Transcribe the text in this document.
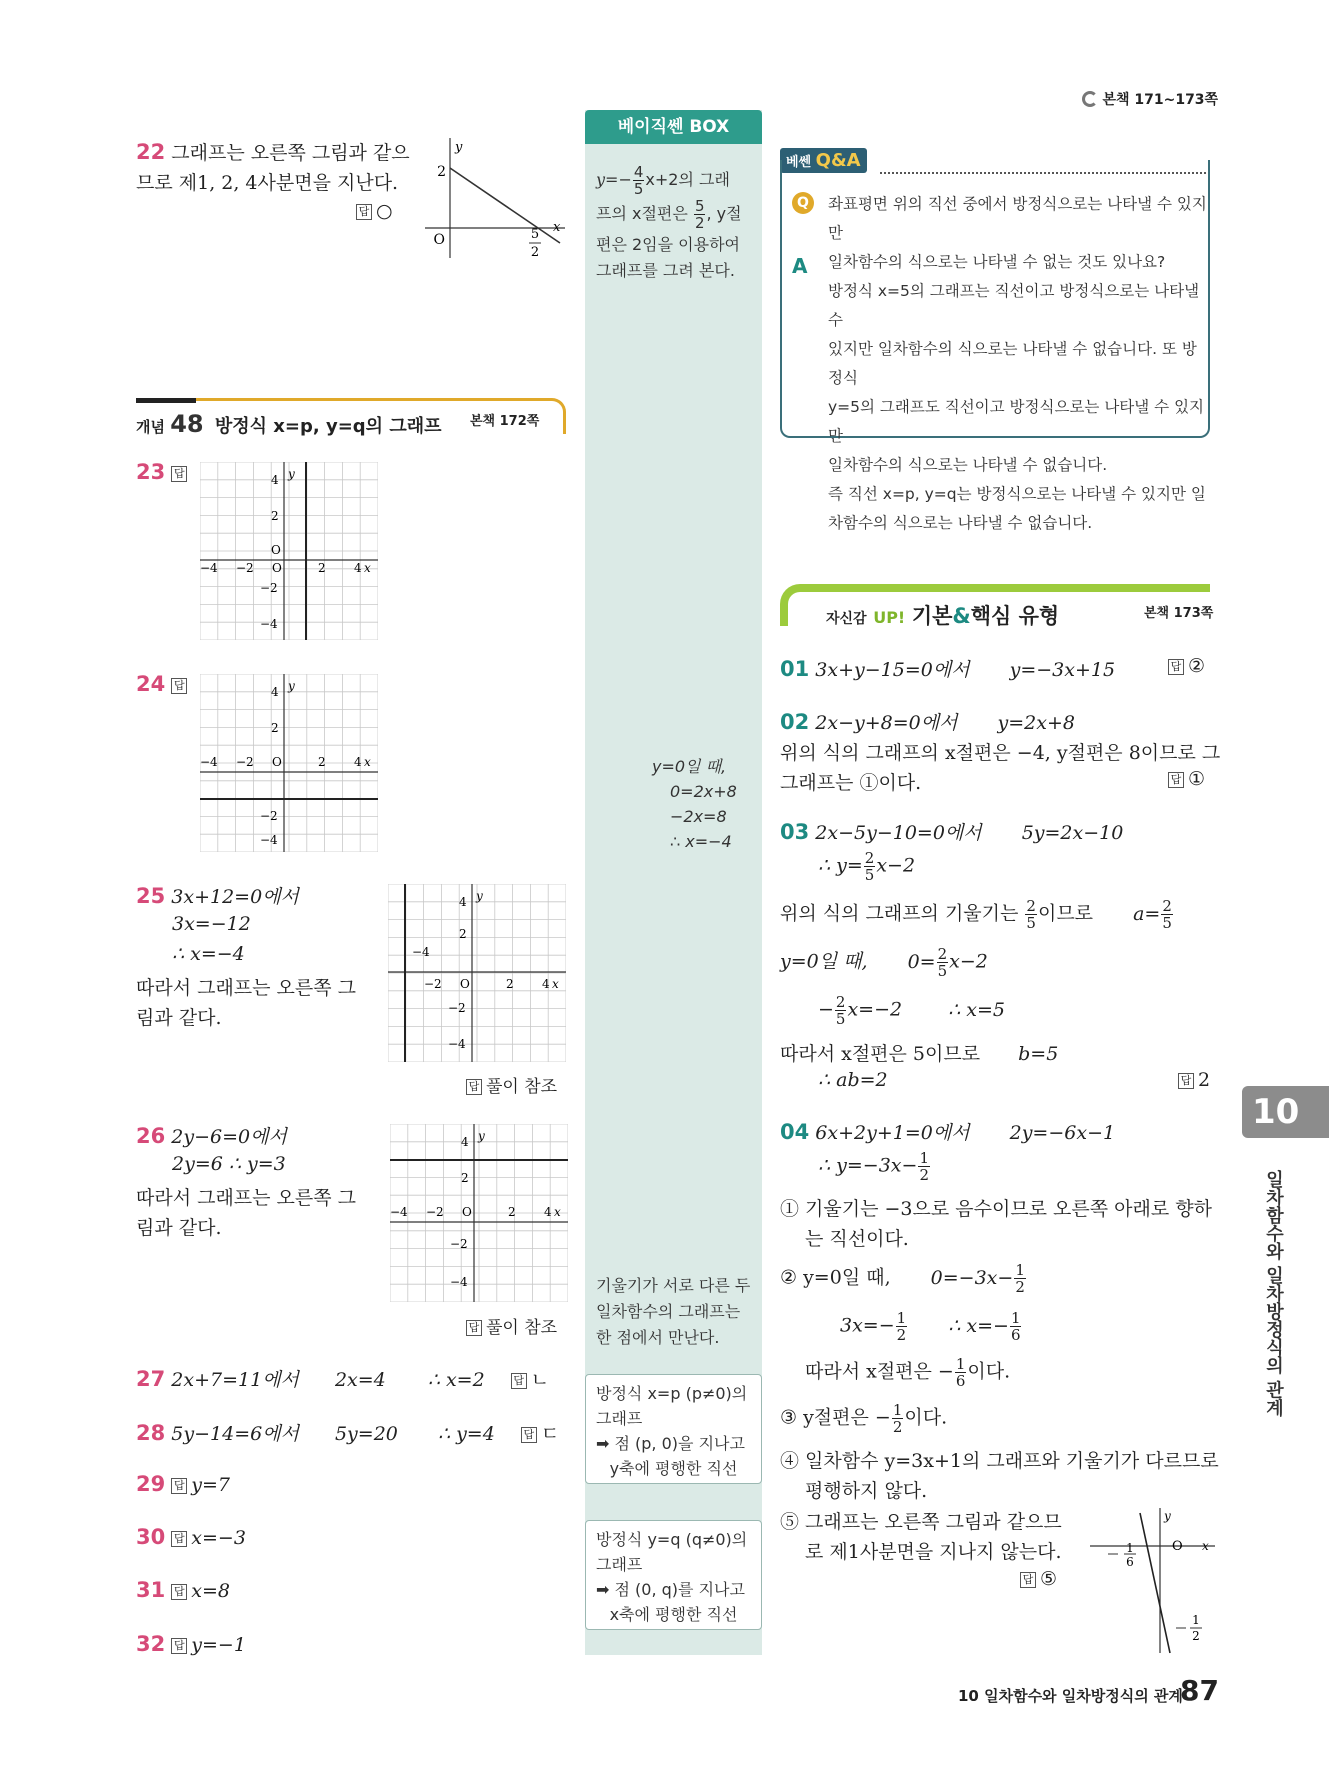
본책 171~173쪽
22 그래프는 오른쪽 그림과 같으
므로 제1, 2, 4사분면을 지난다.
답 ○
y
x
2
O	5
2
개념 48 방정식 x=p, y=q의 그래프 본책 172쪽
23 답	y
4
2
O
−4 −2 O	2 4 x
−2
−4
24 답	y
4
2
−4 −2 O	2 4 x
−2
−4
25 3x+12=0에서
3x=−12
∴ x=−4
따라서 그래프는 오른쪽 그
림과 같다.
y
4
2
−4
−2 O	2 4 x
−2
−4
답 풀이 참조
26 2y−6=0에서
2y=6 ∴ y=3
따라서 그래프는 오른쪽 그
림과 같다.
y
4
2
−4 −2 O	2 4 x
−2
−4
답 풀이 참조
27 2x+7=11에서 2x=4 ∴ x=2	답 ㄴ
28 5y−14=6에서 5y=20 ∴ y=4	답 ㄷ
29 답 y=7
30 답 x=−3
31 답 x=8
32 답 y=−1
베이직쎈 BOX
$y=- \frac{4}{5} x+2$의 그래
프의 x절편은 $\frac{5}{2}$ , y절
편은 2임을 이용하여
그래프를 그려 본다.
y=0일 때,
0=2x+8
−2x=8
∴ x=−4
기울기가 서로 다른 두
일차함수의 그래프는
한 점에서 만난다.
방정식 x=p (p≠0)의
그래프
➡ 점 (p, 0)을 지나고
y축에 평행한 직선
방정식 y=q (q≠0)의
그래프
➡ 점 (0, q)를 지나고
x축에 평행한 직선
베쎈 Q&A
Q	좌표평면 위의 직선 중에서 방정식으로는 나타낼 수 있지만

일차함수의 식으로는 나타낼 수 없는 것도 있나요?

A

방정식 x=5의 그래프는 직선이고 방정식으로는 나타낼 수

있지만 일차함수의 식으로는 나타낼 수 없습니다. 또 방정식

y=5의 그래프도 직선이고 방정식으로는 나타낼 수 있지만

일차함수의 식으로는 나타낼 수 없습니다.

즉 직선 x=p, y=q는 방정식으로는 나타낼 수 있지만 일

차함수의 식으로는 나타낼 수 없습니다.

자신감 UP! 기본&핵심 유형	본책 173쪽
01 3x+y−15=0에서 y=−3x+15	답 ②
02 2x−y+8=0에서 y=2x+8
위의 식의 그래프의 x절편은 −4, y절편은 8이므로 그
그래프는 ①이다.	답 ①
03 2x−5y−10=0에서 5y=2x−10
∴ $y= \frac{2}{5} x-2$
위의 식의 그래프의 기울기는 $\frac{2}{5}$ 이므로 $a= \frac{2}{5}$
y=0일 때, $0= \frac{2}{5} x-2$
− $\frac{2}{5} x=-2$ ∴ x=5
따라서 x절편은 5이므로 b=5
∴ ab=2	답 2
04 6x+2y+1=0에서 2y=−6x−1
∴ $y=-3x- \frac{1}{2}$
① 기울기는 −3으로 음수이므로 오른쪽 아래로 향하
는 직선이다.
② y=0일 때, $0=-3x- \frac{1}{2}$
$3x=- \frac{1}{2}$ ∴ $x=- \frac{1}{6}$
따라서 x절편은 − $\frac{1}{6}$ 이다.
③ y절편은 − $\frac{1}{2}$ 이다.
④ 일차함수 y=3x+1의 그래프와 기울기가 다르므로
평행하지 않다.
⑤ 그래프는 오른쪽 그림과 같으므
로 제1사분면을 지나지 않는다.
답 ⑤
y
x
O
1
6
1
2
10
일차함수와 일차방정식의 관계
10 일차함수와 일차방정식의 관계
87
